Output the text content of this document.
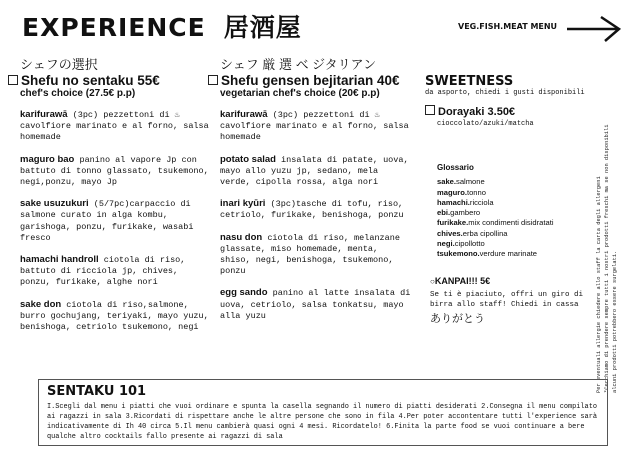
EXPERIENCE 居酒屋	VEG.FISH.MEAT MENU
シェフの選択
Shefu no sentaku 55€
chef's choice (27.5€ p.p)
karifurawā (3pc) pezzettoni di ♨ cavolfiore marinato e al forno, salsa homemade
maguro bao panino al vapore Jp con battuto di tonno glassato, tsukemono, negi,ponzu, mayo Jp
sake usuzukuri (5/7pc)carpaccio di salmone curato in alga kombu, garishoga, ponzu, furikake, wasabi fresco
hamachi handroll ciotola di riso, battuto di ricciola jp, chives, ponzu, furikake, alghe nori
sake don ciotola di riso,salmone, burro gochujang, teriyaki, mayo yuzu, benishoga, cetriolo tsukemono, negi
シェフ 厳 選 ベ ジタリアン
Shefu gensen bejitarian 40€
vegetarian chef's choice (20€ p.p)
karifurawā (3pc) pezzettoni di ♨ cavolfiore marinato e al forno, salsa homemade
potato salad insalata di patate, uova, mayo allo yuzu jp, sedano, mela verde, cipolla rossa, alga nori
inari kyūri (3pc)tasche di tofu, riso, cetriolo, furikake, benishoga, ponzu
nasu don ciotola di riso, melanzane glassate, miso homemade, menta, shiso, negi, benishoga, tsukemono, ponzu
egg sando panino al latte insalata di uova, cetriolo, salsa tonkatsu, mayo alla yuzu
SWEETNESS
da asporto, chiedi i gusti disponibili
Dorayaki 3.50€
cioccolato/azuki/matcha
Glossario
sake.salmone
maguro.tonno
hamachi.ricciola
ebi.gambero
furikake.mix condimenti disidratati
chives.erba cipollina
negi.cipollotto
tsukemono.verdure marinate
○KANPAI!!! 5€
Se ti è piaciuto, offri un giro di birra allo staff! Chiedi in cassa
ありがとう	Per eventuali allergie chiedere allo staff la carta degli allergeni *Cerchiamo di prendere sempre tutti i nostri prodotti freschi ma se non disponibili alcuni prodotti potrebbero essere surgelati.
SENTAKU 101

I.Scegli dal menu i piatti che vuoi ordinare e spunta la casella segnando il numero di piatti desiderati 2.Consegna il menu compilato ai ragazzi in sala 3.Ricordati di rispettare anche le altre persone che sono in fila 4.Per poter accontentare tutti l'experience sarà indicativamente di Ih 40 circa 5.Il menu cambierà quasi ogni 4 mesi. Ricordatelo! 6.Finita la parte food se vuoi continuare a bere qualche altro cocktails fallo presente ai ragazzi di sala
